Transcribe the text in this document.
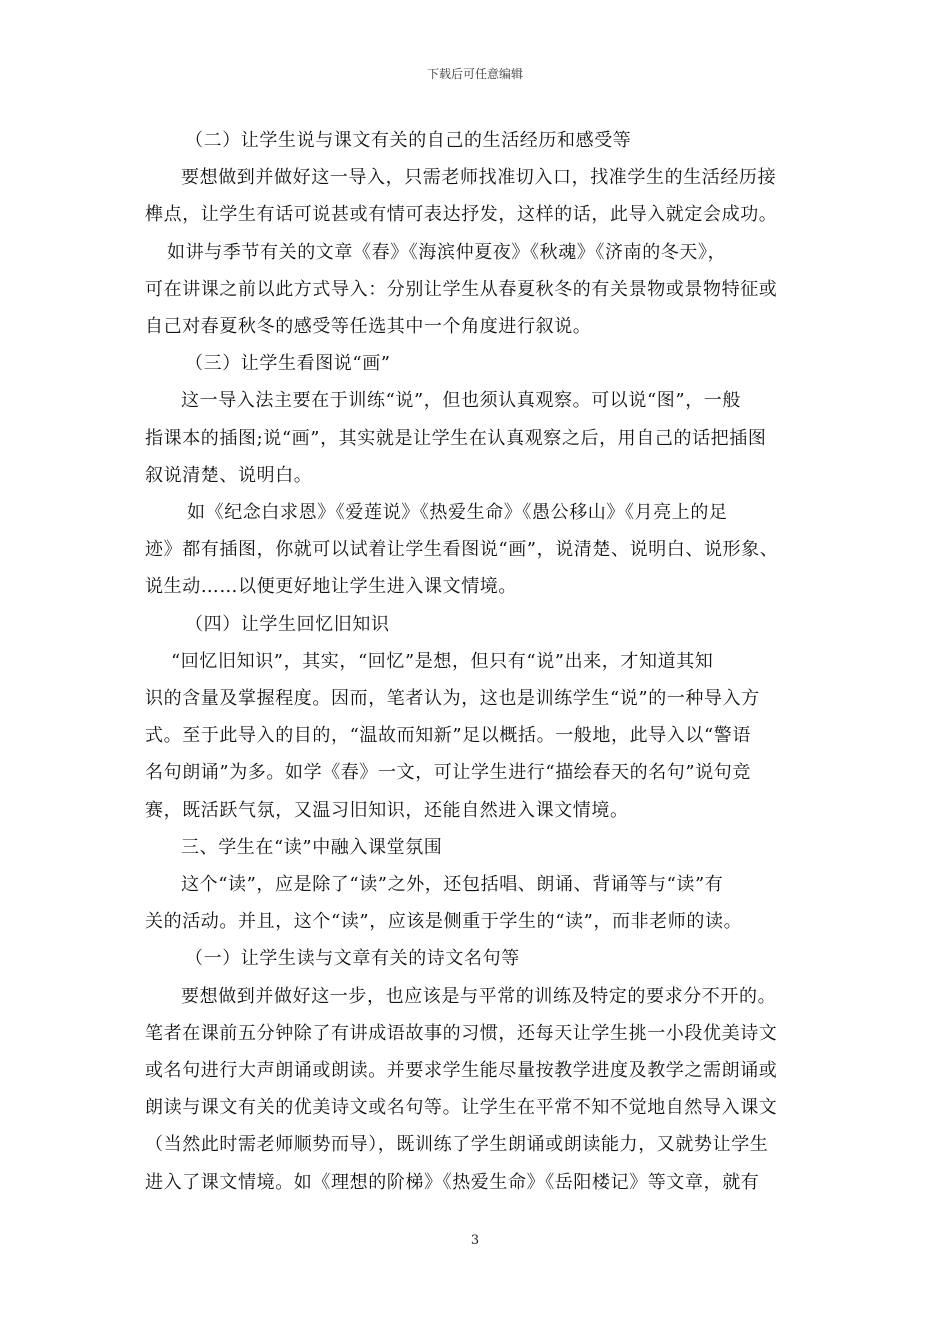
下载后可任意编辑

（二）让学生说与课文有关的自己的生活经历和感受等

要想做到并做好这一导入，只需老师找准切入口，找准学生的生活经历接

榫点，让学生有话可说甚或有情可表达抒发，这样的话，此导入就定会成功。

如讲与季节有关的文章《春》《海滨仲夏夜》《秋魂》《济南的冬天》，

可在讲课之前以此方式导入：分别让学生从春夏秋冬的有关景物或景物特征或

自己对春夏秋冬的感受等任选其中一个角度进行叙说。

（三）让学生看图说“画”

这一导入法主要在于训练“说”，但也须认真观察。可以说“图”，一般

指课本的插图;说“画”，其实就是让学生在认真观察之后，用自己的话把插图

叙说清楚、说明白。

如《纪念白求恩》《爱莲说》《热爱生命》《愚公移山》《月亮上的足

迹》都有插图，你就可以试着让学生看图说“画”，说清楚、说明白、说形象、

说生动……以便更好地让学生进入课文情境。

（四）让学生回忆旧知识

“回忆旧知识”，其实，“回忆”是想，但只有“说”出来，才知道其知

识的含量及掌握程度。因而，笔者认为，这也是训练学生“说”的一种导入方

式。至于此导入的目的，“温故而知新”足以概括。一般地，此导入以“警语

名句朗诵”为多。如学《春》一文，可让学生进行“描绘春天的名句”说句竞

赛，既活跃气氛，又温习旧知识，还能自然进入课文情境。

三、学生在“读”中融入课堂氛围

这个“读”，应是除了“读”之外，还包括唱、朗诵、背诵等与“读”有

关的活动。并且，这个“读”，应该是侧重于学生的“读”，而非老师的读。

（一）让学生读与文章有关的诗文名句等

要想做到并做好这一步，也应该是与平常的训练及特定的要求分不开的。

笔者在课前五分钟除了有讲成语故事的习惯，还每天让学生挑一小段优美诗文

或名句进行大声朗诵或朗读。并要求学生能尽量按教学进度及教学之需朗诵或

朗读与课文有关的优美诗文或名句等。让学生在平常不知不觉地自然导入课文

（当然此时需老师顺势而导），既训练了学生朗诵或朗读能力，又就势让学生

进入了课文情境。如《理想的阶梯》《热爱生命》《岳阳楼记》等文章，就有

3
